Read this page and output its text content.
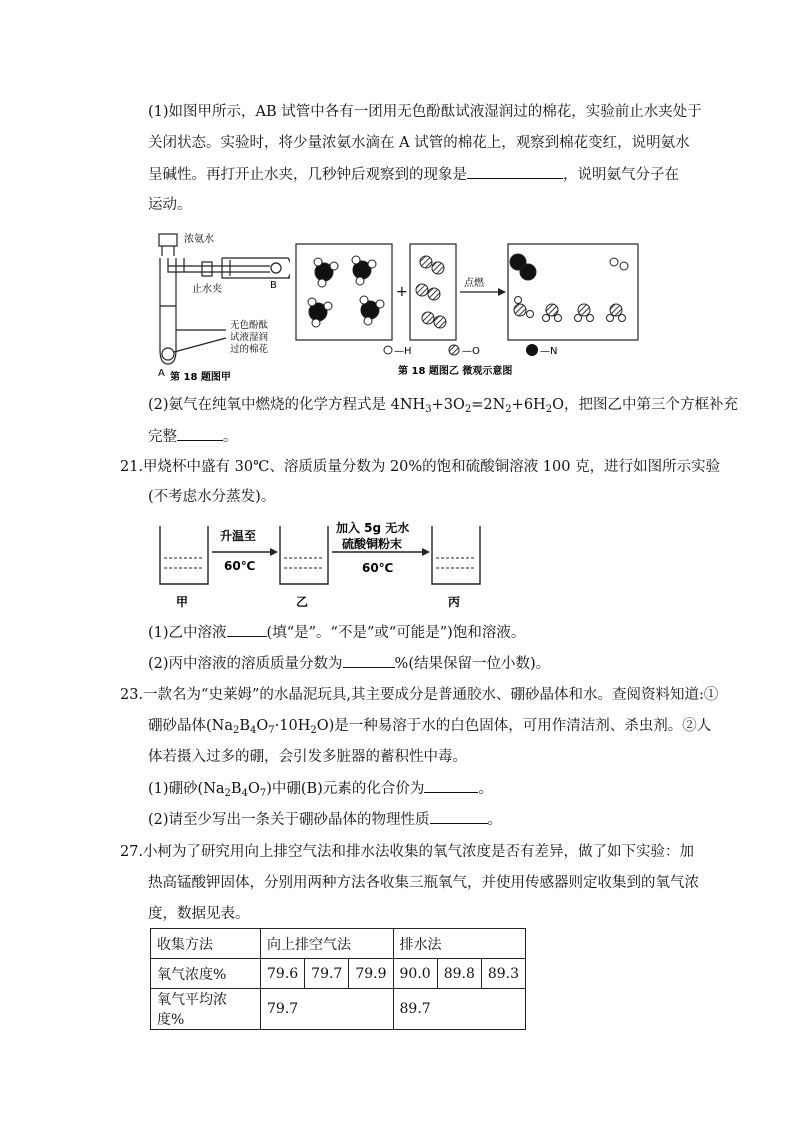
(1)如图甲所示，AB 试管中各有一团用无色酚酞试液湿润过的棉花，实验前止水夹处于
关闭状态。实验时，将少量浓氨水滴在 A 试管的棉花上，观察到棉花变红，说明氨水
呈碱性。再打开止水夹，几秒钟后观察到的现象是	，说明氨气分子在
运动。
浓氨水
止水夹	B
A
无色酚酞
试液湿润
过的棉花
第 18 题图甲
+
点燃
—H	—O	—N
第 18 题图乙 微观示意图
(2)氨气在纯氧中燃烧的化学方程式是 $4NH_3+3O_2=2N_2+6H_2O$，把图乙中第三个方框补充
完整	。
21.甲烧杯中盛有 30℃、溶质质量分数为 20%的饱和硫酸铜溶液 100 克，进行如图所示实验
(不考虑水分蒸发)。
升温至
60℃
加入 5g 无水
硫酸铜粉末
60℃
甲	乙	丙
(1)乙中溶液	(填“是”。“不是”或“可能是”)饱和溶液。
(2)丙中溶液的溶质质量分数为	%(结果保留一位小数)。
23.一款名为“史莱姆”的水晶泥玩具,其主要成分是普通胶水、硼砂晶体和水。查阅资料知道:①
硼砂晶体$(Na_2B_4O_7\cdot 10H_2O)$是一种易溶于水的白色固体，可用作清洁剂、杀虫剂。②人
体若摄入过多的硼，会引发多脏器的蓄积性中毒。
(1)硼砂$(Na_2B_4O_7)$中硼(B)元素的化合价为	。
(2)请至少写出一条关于硼砂晶体的物理性质	。
27.小柯为了研究用向上排空气法和排水法收集的氧气浓度是否有差异，做了如下实验：加
热高锰酸钾固体，分别用两种方法各收集三瓶氧气，并使用传感器则定收集到的氧气浓
度，数据见表。
收集方法	向上排空气法			排水法		
氧气浓度%	79.6	79.7	79.9	90.0	89.8	89.3
氧气平均浓度%	79.7			89.7		
